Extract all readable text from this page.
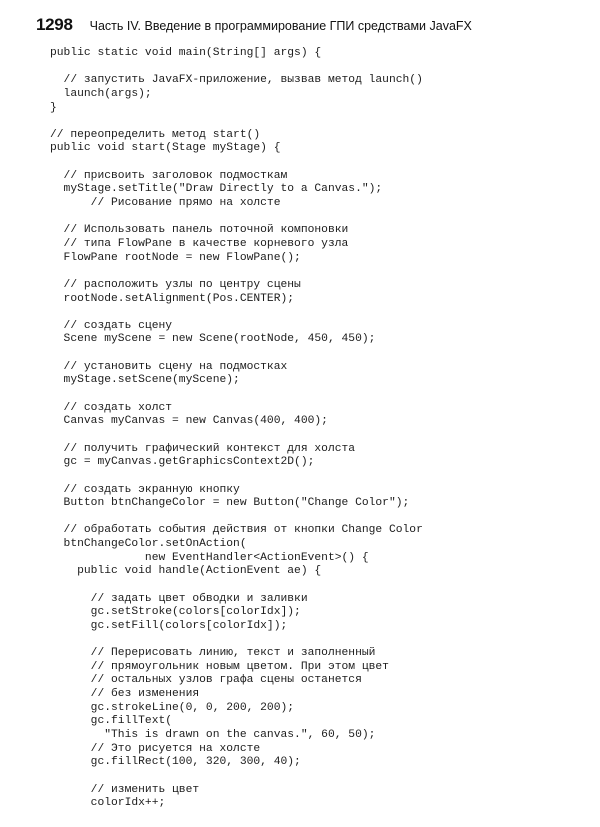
1298 Часть IV. Введение в программирование ГПИ средствами JavaFX
public static void main(String[] args) {

// запустить JavaFX-приложение, вызвав метод launch()
launch(args);
}

// переопределить метод start()
public void start(Stage myStage) {

// присвоить заголовок подмосткам
myStage.setTitle("Draw Directly to a Canvas.");
// Рисование прямо на холсте

// Использовать панель поточной компоновки
// типа FlowPane в качестве корневого узла
FlowPane rootNode = new FlowPane();

// расположить узлы по центру сцены
rootNode.setAlignment(Pos.CENTER);

// создать сцену
Scene myScene = new Scene(rootNode, 450, 450);

// установить сцену на подмостках
myStage.setScene(myScene);

// создать холст
Canvas myCanvas = new Canvas(400, 400);

// получить графический контекст для холста
gc = myCanvas.getGraphicsContext2D();

// создать экранную кнопку
Button btnChangeColor = new Button("Change Color");

// обработать события действия от кнопки Change Color
btnChangeColor.setOnAction(
new EventHandler<ActionEvent>() {
public void handle(ActionEvent ae) {

// задать цвет обводки и заливки
gc.setStroke(colors[colorIdx]);
gc.setFill(colors[colorIdx]);

// Перерисовать линию, текст и заполненный
// прямоугольник новым цветом. При этом цвет
// остальных узлов графа сцены останется
// без изменения
gc.strokeLine(0, 0, 200, 200);
gc.fillText(
"This is drawn on the canvas.", 60, 50);
// Это рисуется на холсте
gc.fillRect(100, 320, 300, 40);

// изменить цвет
colorIdx++;
